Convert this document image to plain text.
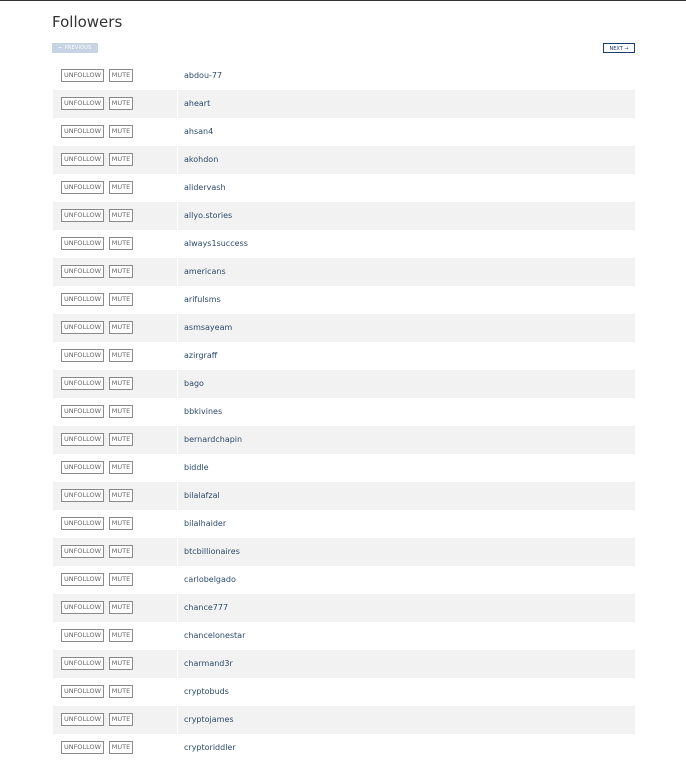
Followers
← PREVIOUS	NEXT →
UNFOLLOW	MUTE	abdou-77
UNFOLLOW	MUTE	aheart
UNFOLLOW	MUTE	ahsan4
UNFOLLOW	MUTE	akohdon
UNFOLLOW	MUTE	alidervash
UNFOLLOW	MUTE	allyo.stories
UNFOLLOW	MUTE	always1success
UNFOLLOW	MUTE	americans
UNFOLLOW	MUTE	arifulsms
UNFOLLOW	MUTE	asmsayeam
UNFOLLOW	MUTE	azirgraff
UNFOLLOW	MUTE	bago
UNFOLLOW	MUTE	bbkivines
UNFOLLOW	MUTE	bernardchapin
UNFOLLOW	MUTE	biddle
UNFOLLOW	MUTE	bilalafzal
UNFOLLOW	MUTE	bilalhaider
UNFOLLOW	MUTE	btcbillionaires
UNFOLLOW	MUTE	carlobelgado
UNFOLLOW	MUTE	chance777
UNFOLLOW	MUTE	chancelonestar
UNFOLLOW	MUTE	charmand3r
UNFOLLOW	MUTE	cryptobuds
UNFOLLOW	MUTE	cryptojames
UNFOLLOW	MUTE	cryptoriddler
